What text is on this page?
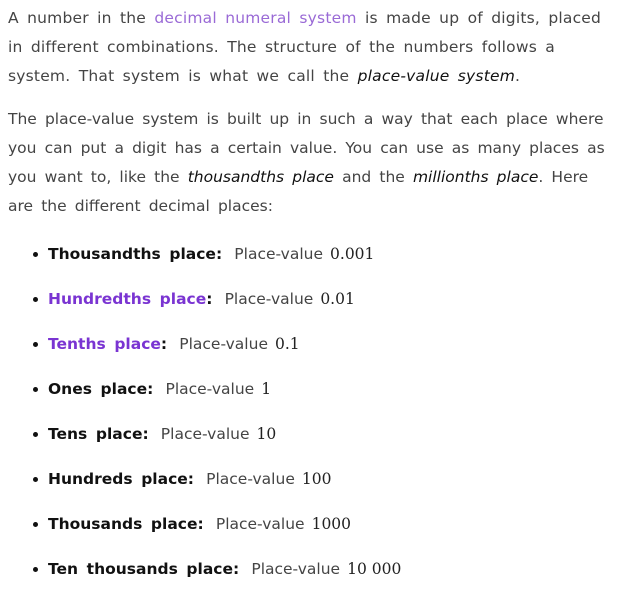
A number in the decimal numeral system is made up of digits, placed in different combinations. The structure of the numbers follows a system. That system is what we call the place-value system.

The place-value system is built up in such a way that each place where you can put a digit has a certain value. You can use as many places as you want to, like the thousandths place and the millionths place. Here are the different decimal places:

Thousandths place: Place-value 0.001
Hundredths place: Place-value 0.01
Tenths place: Place-value 0.1
Ones place: Place-value 1
Tens place: Place-value 10
Hundreds place: Place-value 100
Thousands place: Place-value 1000
Ten thousands place: Place-value 10 000
